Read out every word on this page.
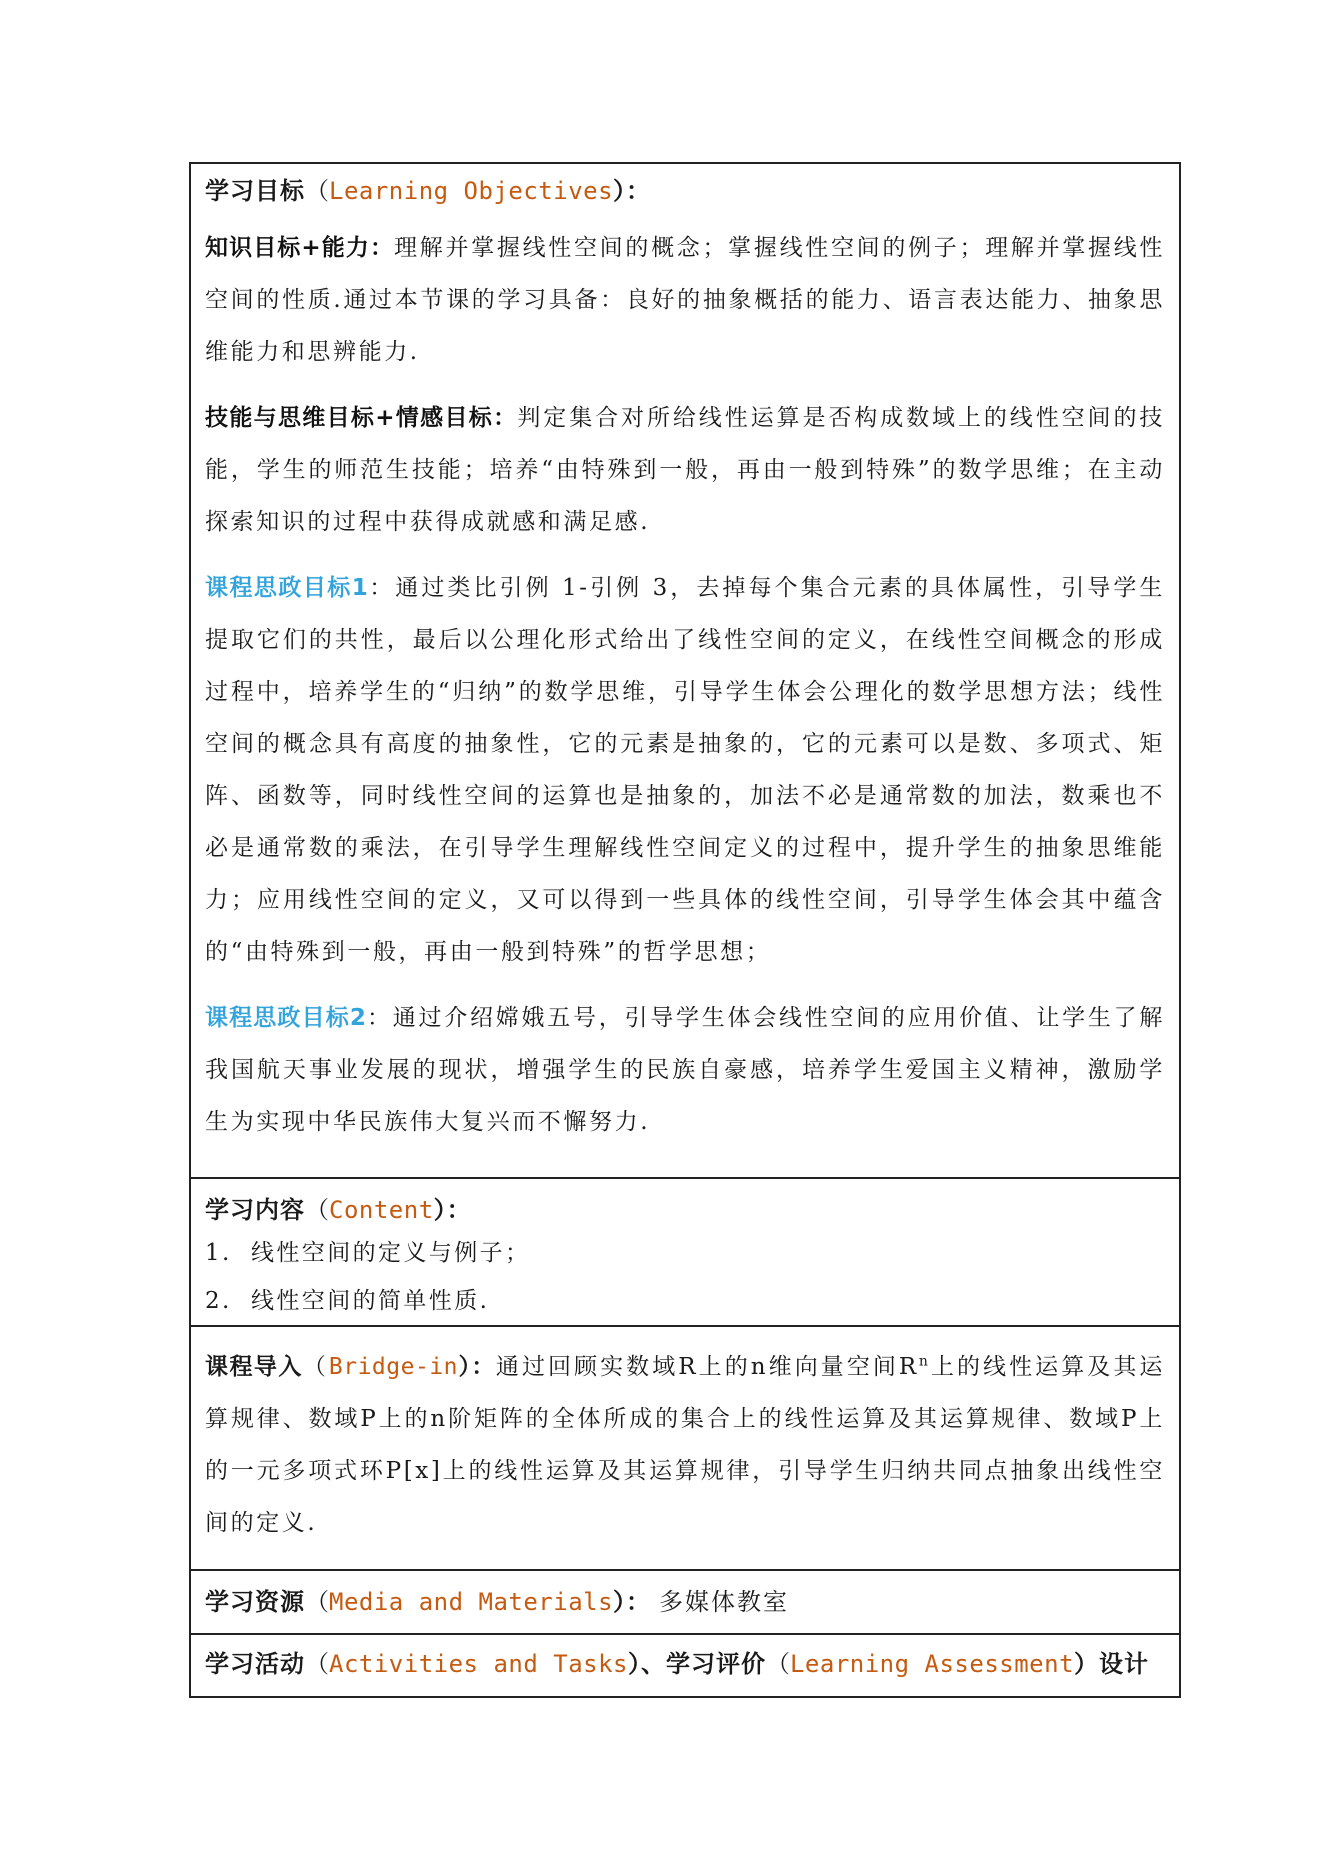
学习目标（Learning Objectives）：

知识目标+能力：理解并掌握线性空间的概念；掌握线性空间的例子；理解并掌握线性空间的性质.通过本节课的学习具备：良好的抽象概括的能力、语言表达能力、抽象思维能力和思辨能力.

技能与思维目标+情感目标：判定集合对所给线性运算是否构成数域上的线性空间的技能，学生的师范生技能；培养“由特殊到一般，再由一般到特殊”的数学思维；在主动探索知识的过程中获得成就感和满足感.

课程思政目标1：通过类比引例 1-引例 3，去掉每个集合元素的具体属性，引导学生提取它们的共性，最后以公理化形式给出了线性空间的定义，在线性空间概念的形成过程中，培养学生的“归纳”的数学思维，引导学生体会公理化的数学思想方法；线性空间的概念具有高度的抽象性，它的元素是抽象的，它的元素可以是数、多项式、矩阵、函数等，同时线性空间的运算也是抽象的，加法不必是通常数的加法，数乘也不必是通常数的乘法，在引导学生理解线性空间定义的过程中，提升学生的抽象思维能力；应用线性空间的定义，又可以得到一些具体的线性空间，引导学生体会其中蕴含的“由特殊到一般，再由一般到特殊”的哲学思想；

课程思政目标2：通过介绍嫦娥五号，引导学生体会线性空间的应用价值、让学生了解我国航天事业发展的现状，增强学生的民族自豪感，培养学生爱国主义精神，激励学生为实现中华民族伟大复兴而不懈努力.

学习内容（Content）：
1. 线性空间的定义与例子；
2. 线性空间的简单性质.

课程导入（Bridge-in）：通过回顾实数域R上的n维向量空间$R^n$上的线性运算及其运算规律、数域P上的n阶矩阵的全体所成的集合上的线性运算及其运算规律、数域P上的一元多项式环P[x]上的线性运算及其运算规律，引导学生归纳共同点抽象出线性空间的定义.

学习资源（Media and Materials）： 多媒体教室
学习活动（Activities and Tasks）、学习评价（Learning Assessment）设计
